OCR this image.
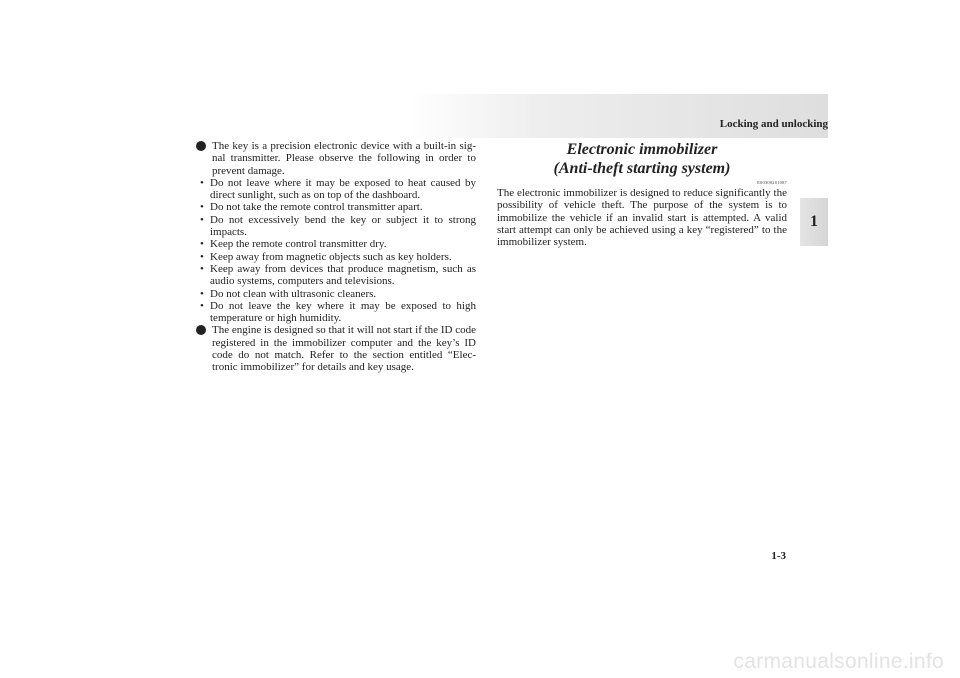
Locking and unlocking
1
The key is a precision electronic device with a built-in sig-nal transmitter. Please observe the following in order to prevent damage.
• Do not leave where it may be exposed to heat caused by direct sunlight, such as on top of the dashboard.
• Do not take the remote control transmitter apart.
• Do not excessively bend the key or subject it to strong impacts.
• Keep the remote control transmitter dry.
• Keep away from magnetic objects such as key holders.
• Keep away from devices that produce magnetism, such as audio systems, computers and televisions.
• Do not clean with ultrasonic cleaners.
• Do not leave the key where it may be exposed to high temperature or high humidity.
The engine is designed so that it will not start if the ID code registered in the immobilizer computer and the key’s ID code do not match. Refer to the section entitled “Elec-tronic immobilizer” for details and key usage.
Electronic immobilizer
(Anti-theft starting system)
E00300201087

The electronic immobilizer is designed to reduce significantly the possibility of vehicle theft. The purpose of the system is to immobilize the vehicle if an invalid start is attempted. A valid start attempt can only be achieved using a key “registered” to the immobilizer system.

1-3
carmanualsonline.info
